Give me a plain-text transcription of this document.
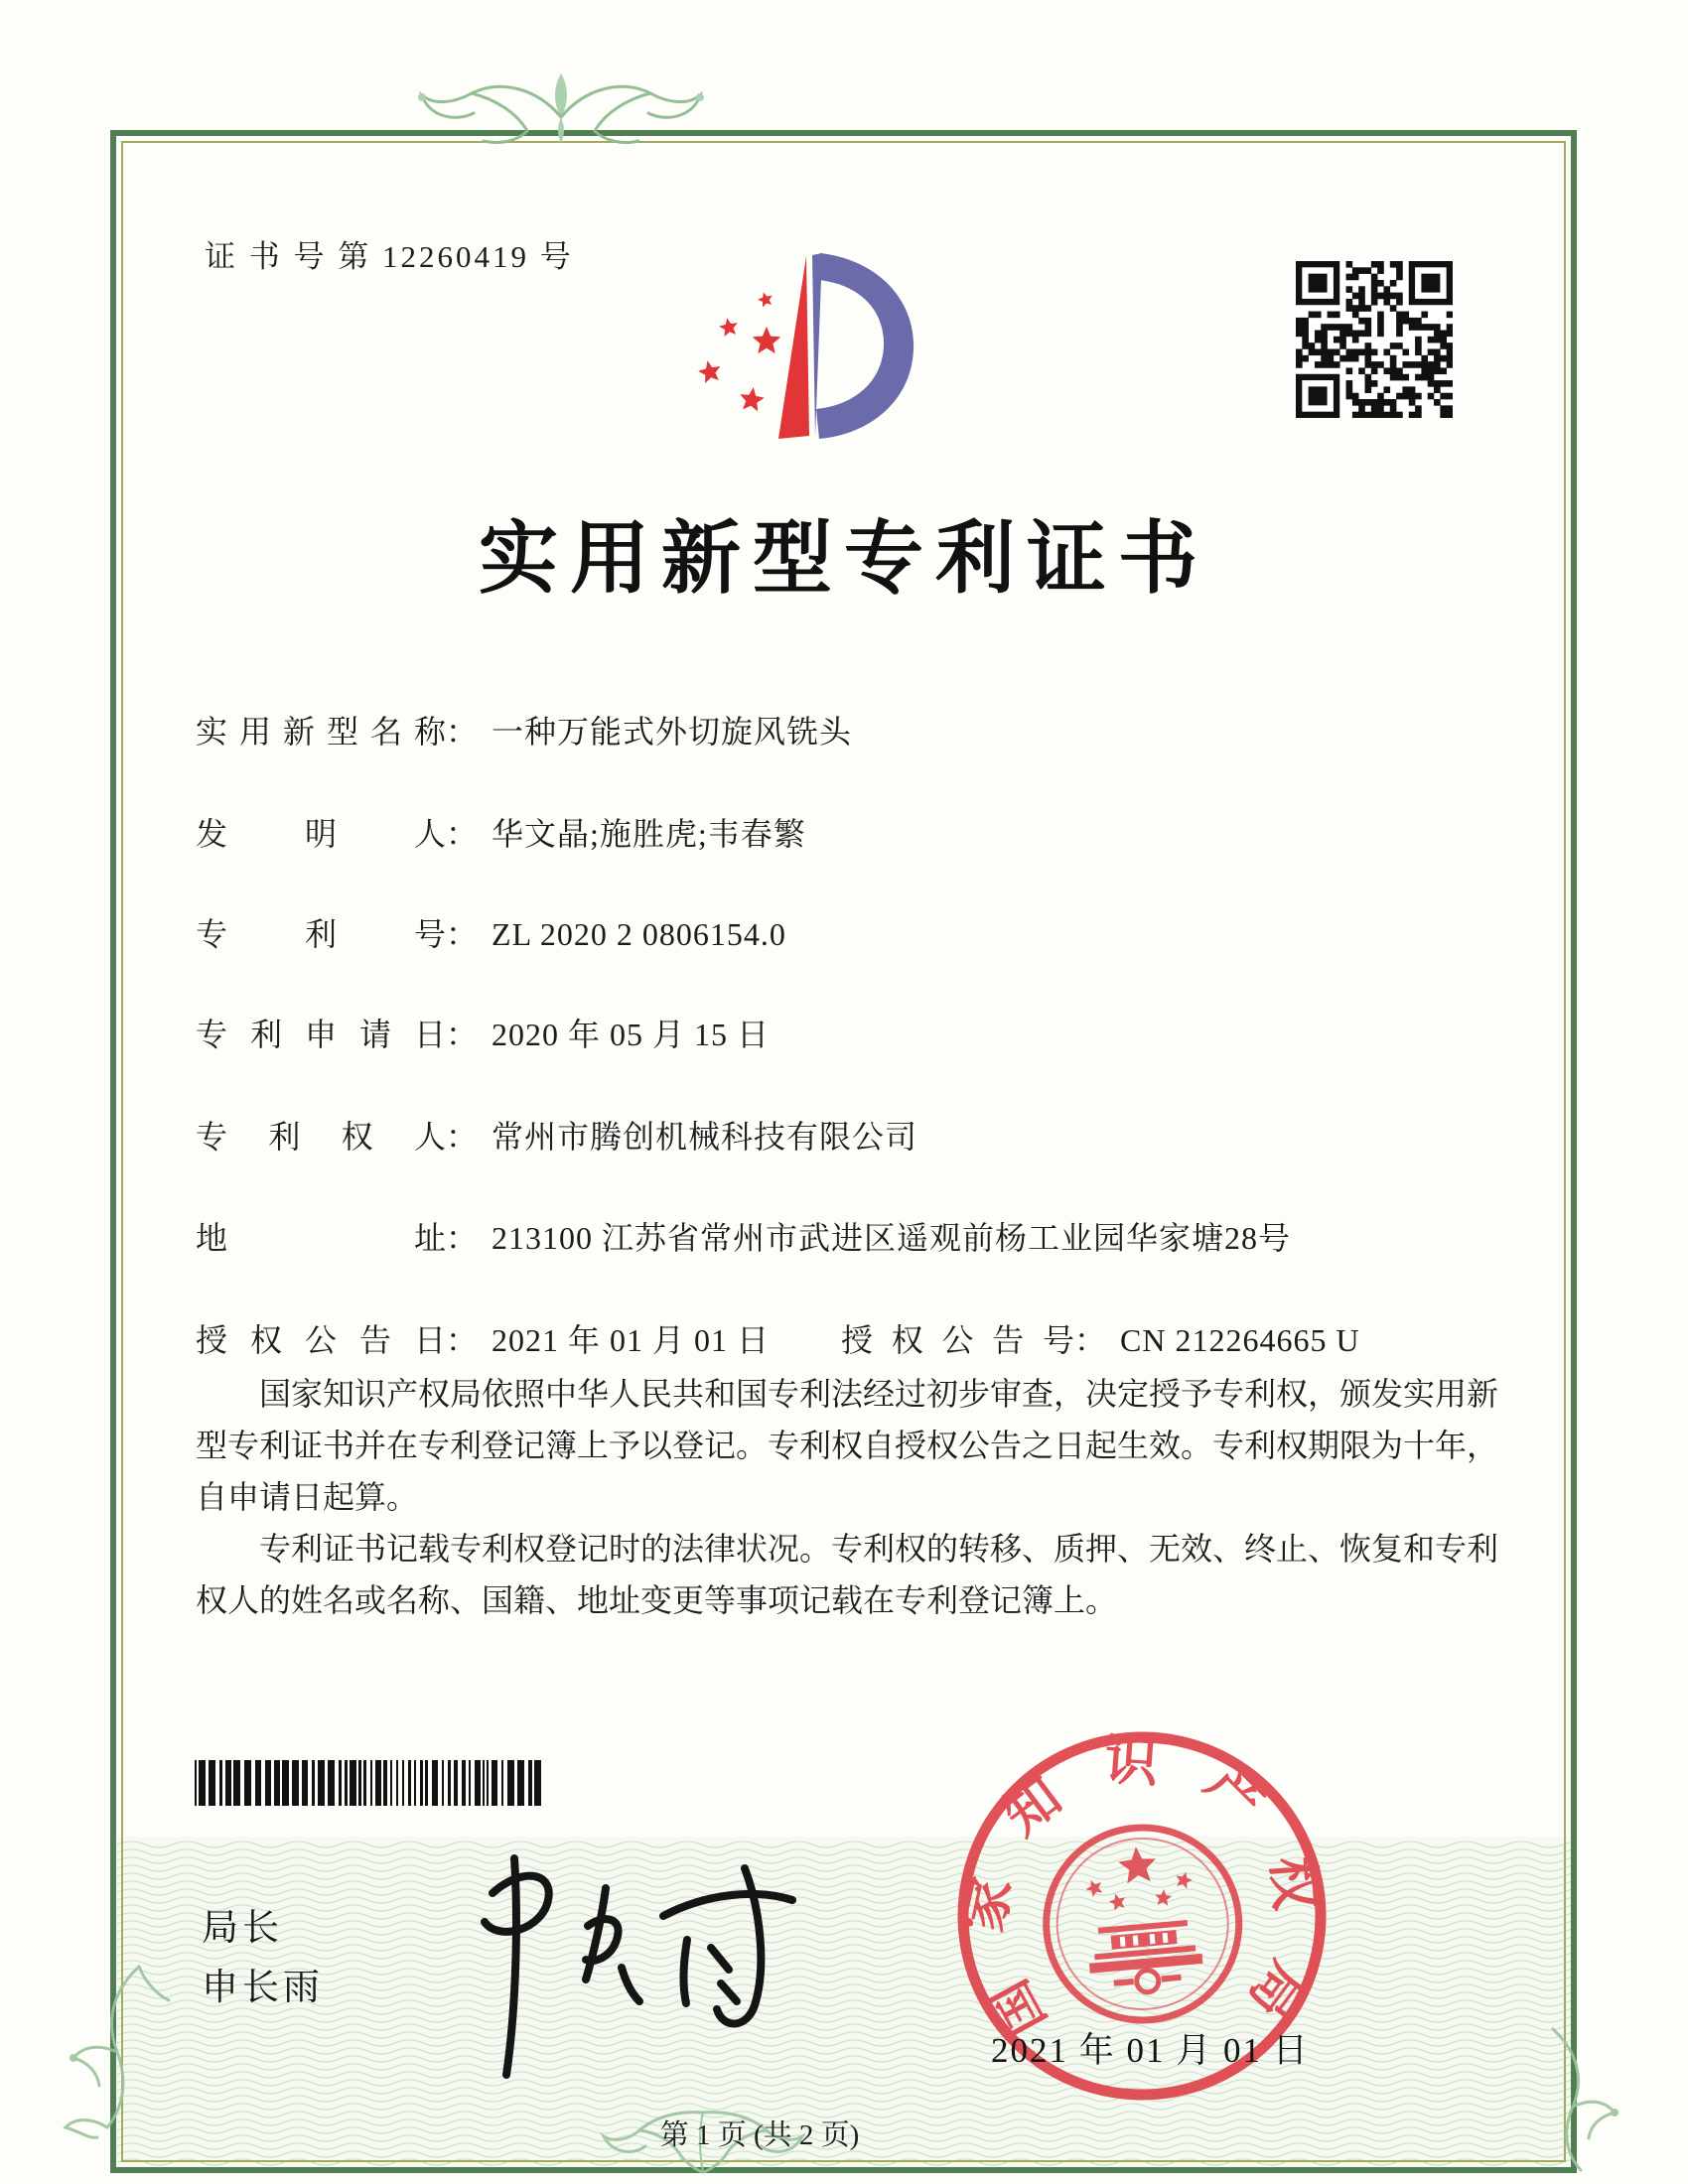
证 书 号 第 12260419 号
实用新型专利证书
实用新型名称 ： 一种万能式外切旋风铣头
发明人 ： 华文晶;施胜虎;韦春繁
专利号 ： ZL 2020 2 0806154.0
专利申请日 ： 2020 年 05 月 15 日
专利权人 ： 常州市腾创机械科技有限公司
地址 ： 213100 江苏省常州市武进区遥观前杨工业园华家塘28号
授权公告日 ： 2021 年 01 月 01 日 授权公告号 ： CN 212264665 U

国家知识产权局依照中华人民共和国专利法经过初步审查，决定授予专利权，颁发实用新型专利证书并在专利登记簿上予以登记。专利权自授权公告之日起生效。专利权期限为十年，自申请日起算。

专利证书记载专利权登记时的法律状况。专利权的转移、质押、无效、终止、恢复和专利权人的姓名或名称、国籍、地址变更等事项记载在专利登记簿上。

局长
申长雨	国家知识产权局
2021 年 01 月 01 日
第 1 页 (共 2 页)
